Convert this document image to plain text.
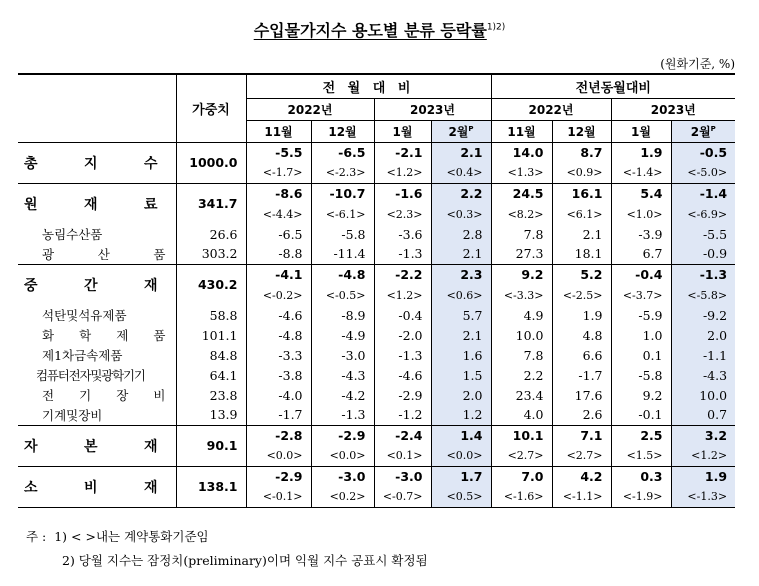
수입물가지수 용도별 분류 등락률$^{1)2)}$
(원화기준, %)
	가중치	전 월 대 비				전년동월대비			
		2022년		2023년		2022년		2023년	
		11월	12월	1월	2월$^P$	11월	12월	1월	2월$^P$
총 지 수	1000.0	-5.5	-6.5	-2.1	2.1	14.0	8.7	1.9	-0.5
		<-1.7>	<-2.3>	<1.2>	<0.4>	<1.3>	<0.9>	<-1.4>	<-5.0>
원 재 료	341.7	-8.6	-10.7	-1.6	2.2	24.5	16.1	5.4	-1.4
		<-4.4>	<-6.1>	<2.3>	<0.3>	<8.2>	<6.1>	<1.0>	<-6.9>
농림수산품	26.6	-6.5	-5.8	-3.6	2.8	7.8	2.1	-3.9	-5.5
광 산 품	303.2	-8.8	-11.4	-1.3	2.1	27.3	18.1	6.7	-0.9
중 간 재	430.2	-4.1	-4.8	-2.2	2.3	9.2	5.2	-0.4	-1.3
		<-0.2>	<-0.5>	<1.2>	<0.6>	<-3.3>	<-2.5>	<-3.7>	<-5.8>
석탄및석유제품	58.8	-4.6	-8.9	-0.4	5.7	4.9	1.9	-5.9	-9.2
화 학 제 품	101.1	-4.8	-4.9	-2.0	2.1	10.0	4.8	1.0	2.0
제1차금속제품	84.8	-3.3	-3.0	-1.3	1.6	7.8	6.6	0.1	-1.1
컴퓨터전자및광학기기	64.1	-3.8	-4.3	-4.6	1.5	2.2	-1.7	-5.8	-4.3
전 기 장 비	23.8	-4.0	-4.2	-2.9	2.0	23.4	17.6	9.2	10.0
기계및장비	13.9	-1.7	-1.3	-1.2	1.2	4.0	2.6	-0.1	0.7
자 본 재	90.1	-2.8	-2.9	-2.4	1.4	10.1	7.1	2.5	3.2
		<0.0>	<0.0>	<0.1>	<0.0>	<2.7>	<2.7>	<1.5>	<1.2>
소 비 재	138.1	-2.9	-3.0	-3.0	1.7	7.0	4.2	0.3	1.9
		<-0.1>	<0.2>	<-0.7>	<0.5>	<-1.6>	<-1.1>	<-1.9>	<-1.3>
주 : 1) < >내는 계약통화기준임
2) 당월 지수는 잠정치(preliminary)이며 익월 지수 공표시 확정됨
